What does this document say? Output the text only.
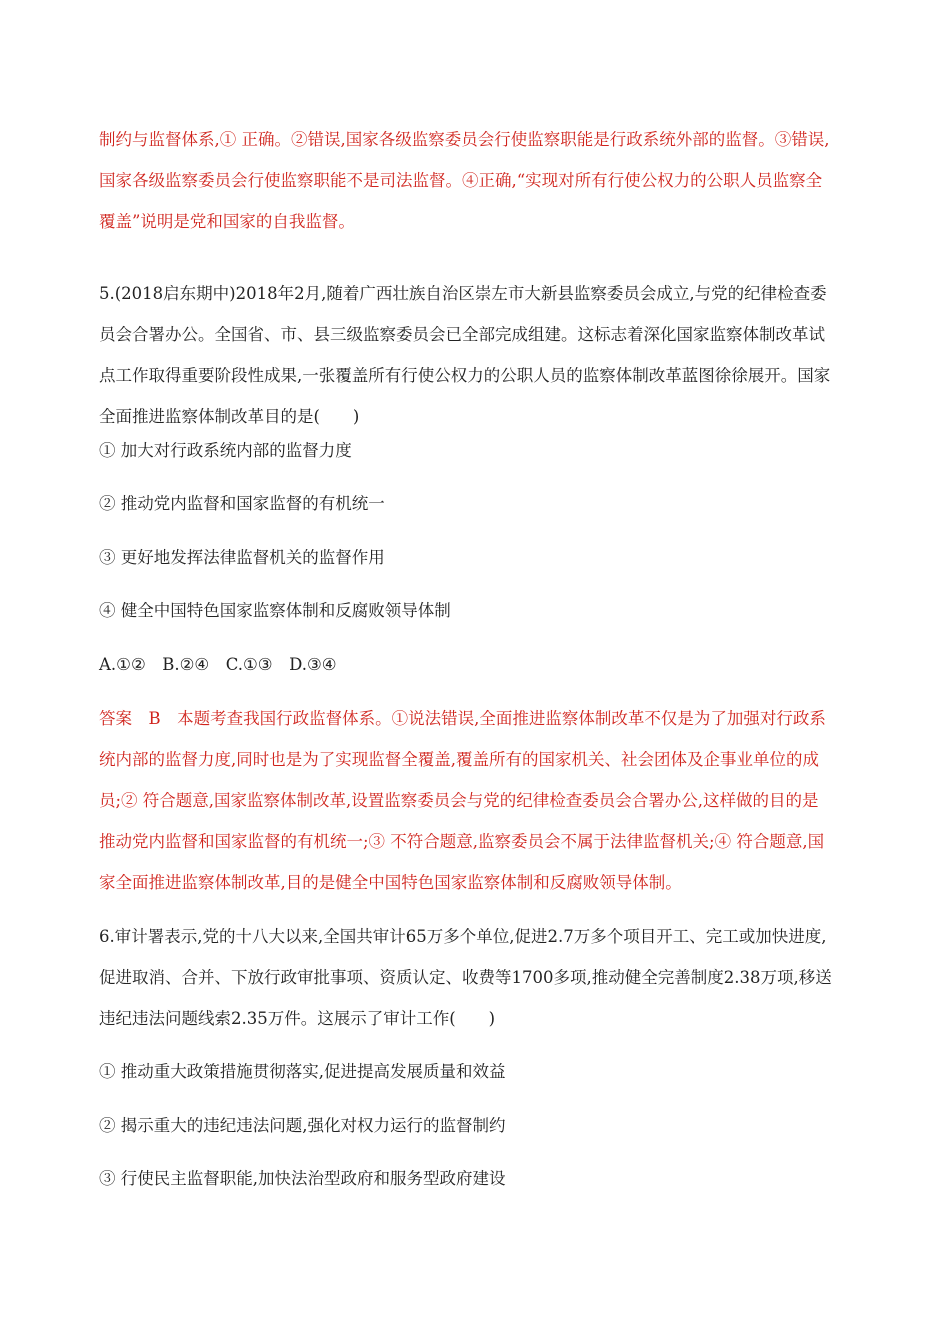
制约与监督体系,① 正确。②错误,国家各级监察委员会行使监察职能是行政系统外部的监督。③错误,
国家各级监察委员会行使监察职能不是司法监督。④正确,“实现对所有行使公权力的公职人员监察全
覆盖”说明是党和国家的自我监督。
5.(2018启东期中)2018年2月,随着广西壮族自治区崇左市大新县监察委员会成立,与党的纪律检查委
员会合署办公。全国省、市、县三级监察委员会已全部完成组建。这标志着深化国家监察体制改革试
点工作取得重要阶段性成果,一张覆盖所有行使公权力的公职人员的监察体制改革蓝图徐徐展开。国家
全面推进监察体制改革目的是(　　)
① 加大对行政系统内部的监督力度
② 推动党内监督和国家监督的有机统一
③ 更好地发挥法律监督机关的监督作用
④ 健全中国特色国家监察体制和反腐败领导体制
A.①②　B.②④　C.①③　D.③④
答案　B　本题考查我国行政监督体系。①说法错误,全面推进监察体制改革不仅是为了加强对行政系
统内部的监督力度,同时也是为了实现监督全覆盖,覆盖所有的国家机关、社会团体及企事业单位的成
员;② 符合题意,国家监察体制改革,设置监察委员会与党的纪律检查委员会合署办公,这样做的目的是
推动党内监督和国家监督的有机统一;③ 不符合题意,监察委员会不属于法律监督机关;④ 符合题意,国
家全面推进监察体制改革,目的是健全中国特色国家监察体制和反腐败领导体制。
6.审计署表示,党的十八大以来,全国共审计65万多个单位,促进2.7万多个项目开工、完工或加快进度,
促进取消、合并、下放行政审批事项、资质认定、收费等1700多项,推动健全完善制度2.38万项,移送
违纪违法问题线索2.35万件。这展示了审计工作(　　)
① 推动重大政策措施贯彻落实,促进提高发展质量和效益
② 揭示重大的违纪违法问题,强化对权力运行的监督制约
③ 行使民主监督职能,加快法治型政府和服务型政府建设
